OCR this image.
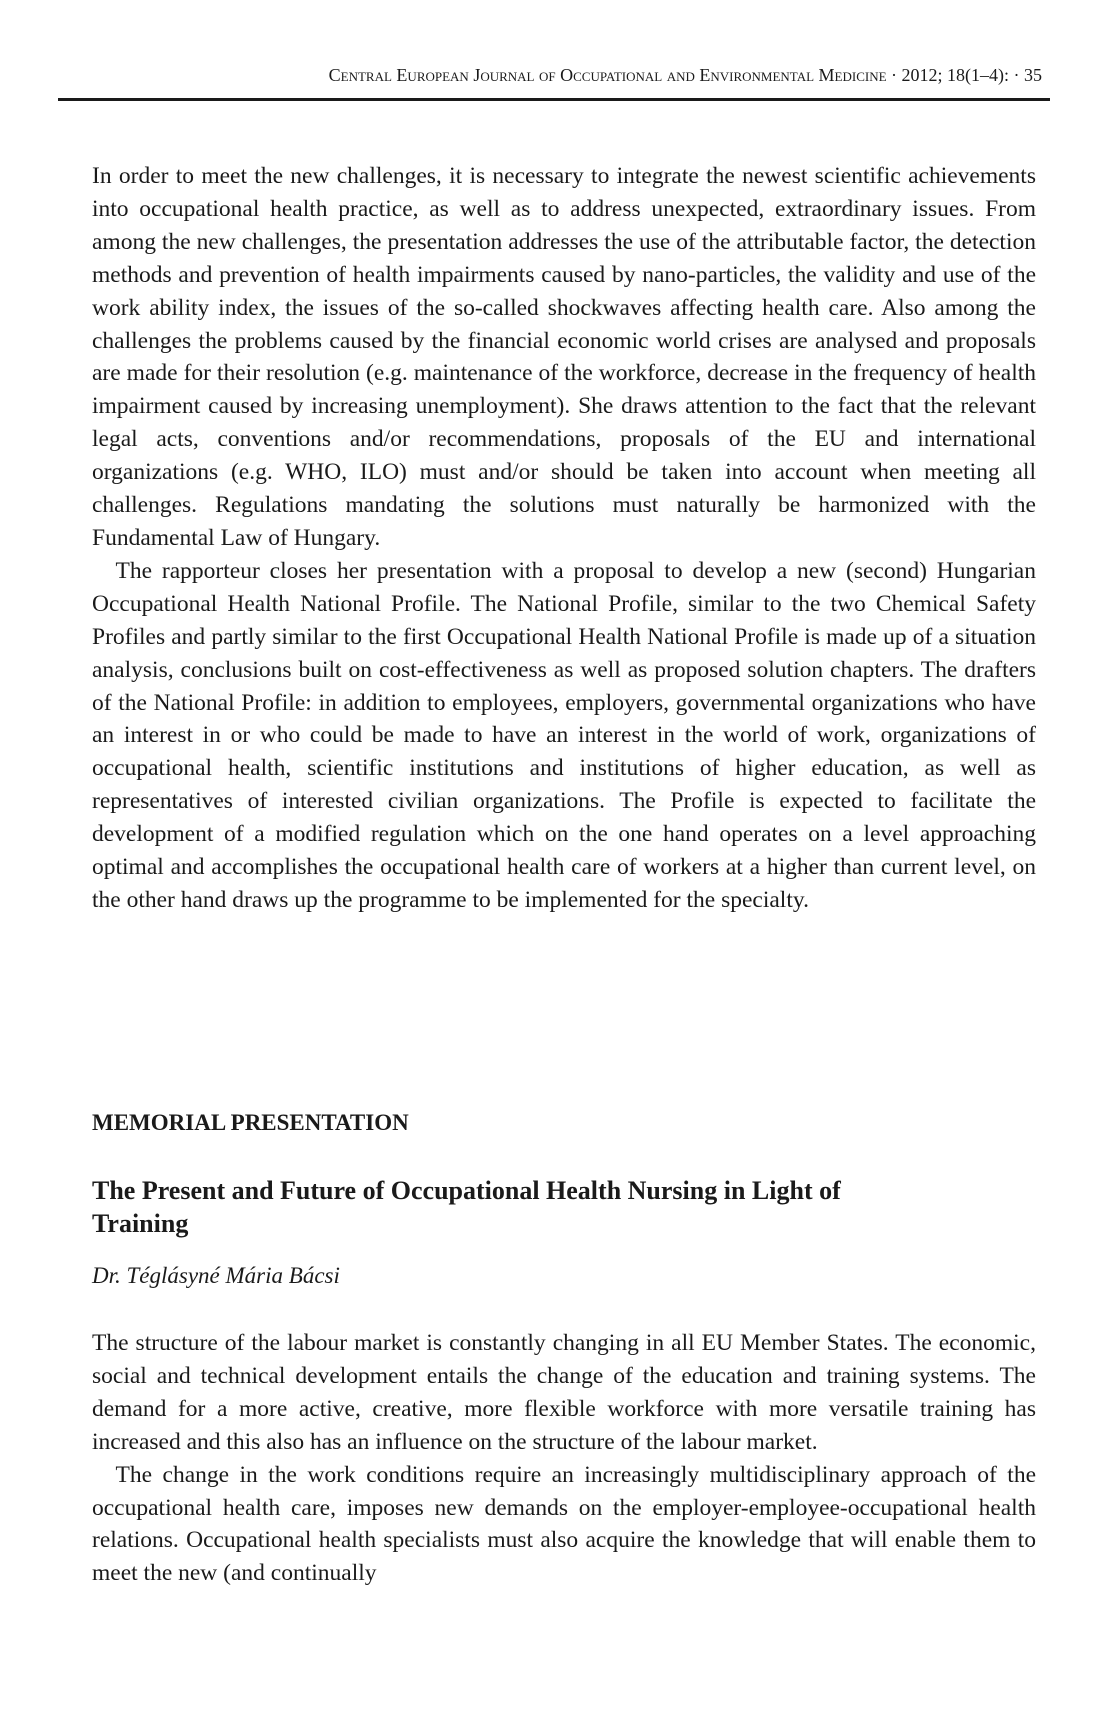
Central European Journal of Occupational and Environmental Medicine · 2012; 18(1–4): · 35

In order to meet the new challenges, it is necessary to integrate the newest scientific achievements into occupational health practice, as well as to address unexpected, extraordinary issues. From among the new challenges, the presentation addresses the use of the attributable factor, the detection methods and prevention of health impairments caused by nano-particles, the validity and use of the work ability index, the issues of the so-called shockwaves affecting health care. Also among the challenges the problems caused by the financial economic world crises are analysed and proposals are made for their resolution (e.g. maintenance of the workforce, decrease in the frequency of health impairment caused by increasing unemployment). She draws attention to the fact that the relevant legal acts, conventions and/or recommendations, proposals of the EU and international organizations (e.g. WHO, ILO) must and/or should be taken into account when meeting all challenges. Regulations mandating the solutions must naturally be harmonized with the Fundamental Law of Hungary.

The rapporteur closes her presentation with a proposal to develop a new (second) Hungarian Occupational Health National Profile. The National Profile, similar to the two Chemical Safety Profiles and partly similar to the first Occupational Health National Profile is made up of a situation analysis, conclusions built on cost-effectiveness as well as proposed solution chapters. The drafters of the National Profile: in addition to employees, employers, governmental organizations who have an interest in or who could be made to have an interest in the world of work, organizations of occupational health, scientific institutions and institutions of higher education, as well as representatives of interested civilian organizations. The Profile is expected to facilitate the development of a modified regulation which on the one hand operates on a level approaching optimal and accomplishes the occupational health care of workers at a higher than current level, on the other hand draws up the programme to be implemented for the specialty.

MEMORIAL PRESENTATION
The Present and Future of Occupational Health Nursing in Light of Training

Dr. Téglásyné Mária Bácsi

The structure of the labour market is constantly changing in all EU Member States. The economic, social and technical development entails the change of the education and training systems. The demand for a more active, creative, more flexible workforce with more versatile training has increased and this also has an influence on the structure of the labour market.

The change in the work conditions require an increasingly multidisciplinary approach of the occupational health care, imposes new demands on the employer-employee-occupational health relations. Occupational health specialists must also acquire the knowledge that will enable them to meet the new (and continually
